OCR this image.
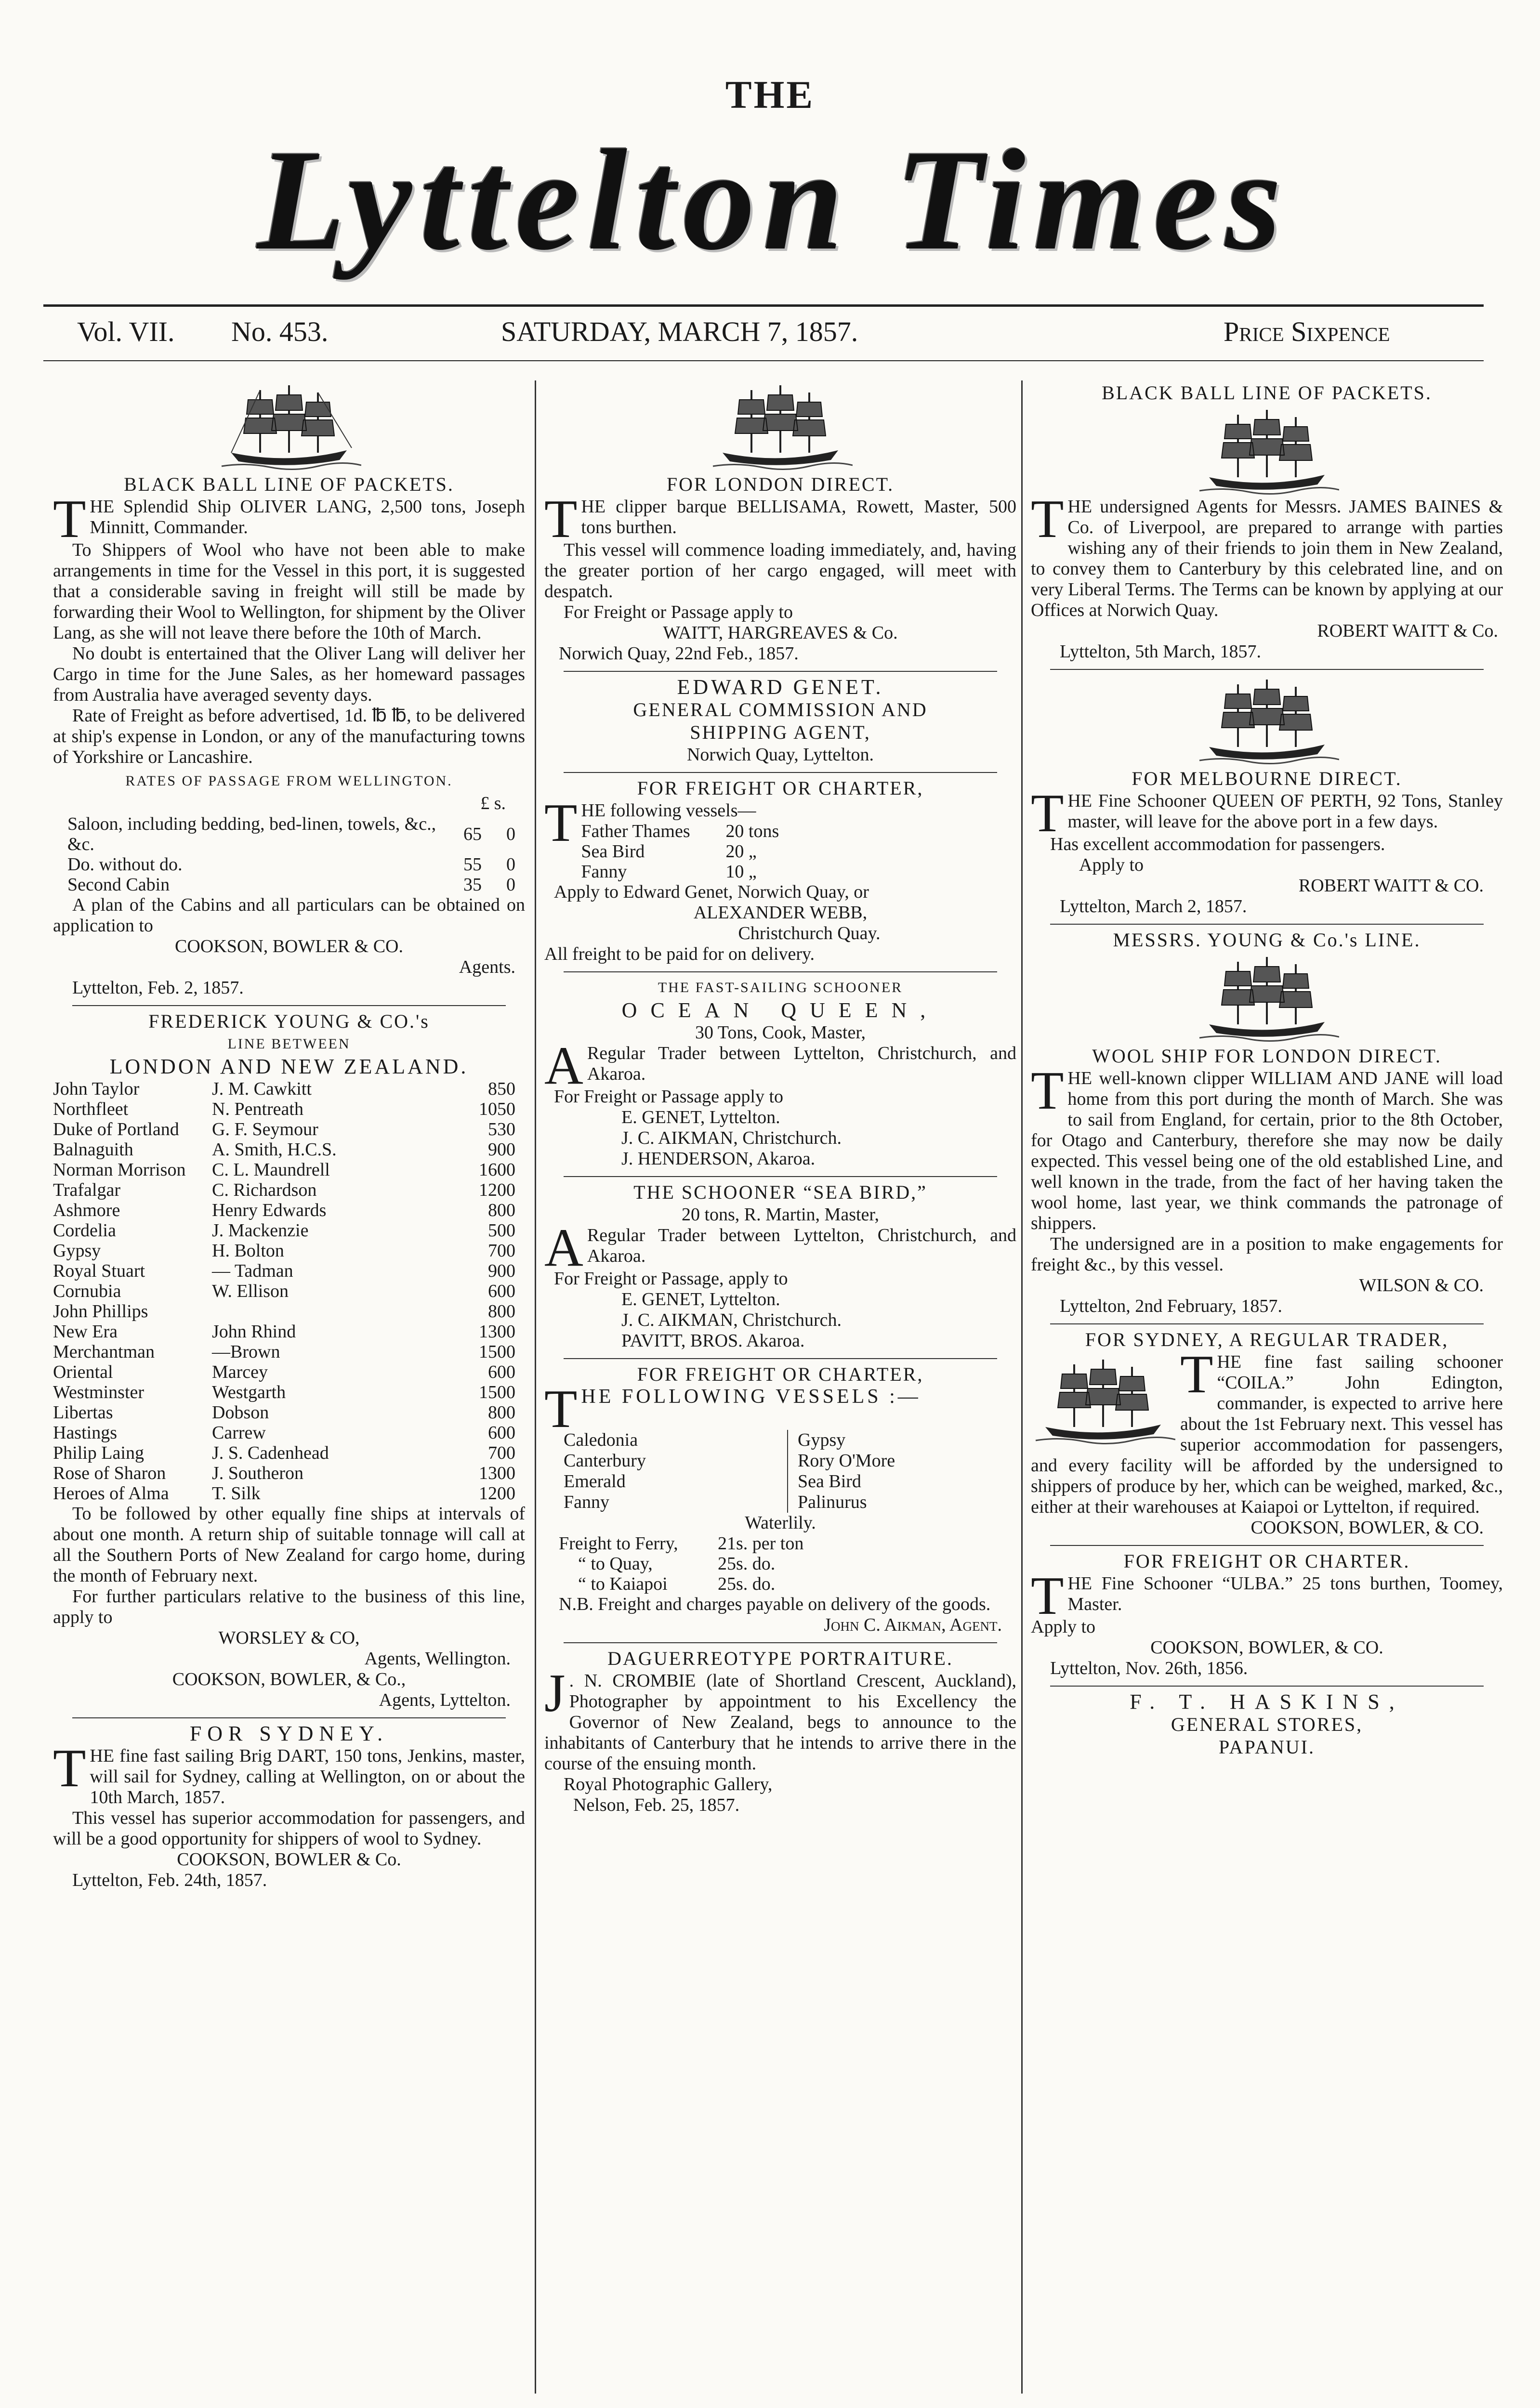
THE
Lyttelton Times
Vol. VII. No. 453.	SATURDAY, MARCH 7, 1857.	Price Sixpence
BLACK BALL LINE OF PACKETS.

THE Splendid Ship OLIVER LANG, 2,500 tons, Joseph Minnitt, Commander.

To Shippers of Wool who have not been able to make arrangements in time for the Vessel in this port, it is suggested that a considerable saving in freight will still be made by forwarding their Wool to Wellington, for shipment by the Oliver Lang, as she will not leave there before the 10th of March.

No doubt is entertained that the Oliver Lang will deliver her Cargo in time for the June Sales, as her homeward passages from Australia have averaged seventy days.

Rate of Freight as before advertised, 1d. ℔ ℔, to be delivered at ship's expense in London, or any of the manufacturing towns of Yorkshire or Lancashire.

RATES OF PASSAGE FROM WELLINGTON.
£ s.
Saloon, including bedding, bed-linen, towels, &c., &c.	65	0
Do. without do.	55	0
Second Cabin	35	0

A plan of the Cabins and all particulars can be obtained on application to

COOKSON, BOWLER & CO.
Agents.
Lyttelton, Feb. 2, 1857.
FREDERICK YOUNG & CO.'s
LINE BETWEEN
LONDON AND NEW ZEALAND.
John Taylor	J. M. Cawkitt	850
Northfleet	N. Pentreath	1050
Duke of Portland	G. F. Seymour	530
Balnaguith	A. Smith, H.C.S.	900
Norman Morrison	C. L. Maundrell	1600
Trafalgar	C. Richardson	1200
Ashmore	Henry Edwards	800
Cordelia	J. Mackenzie	500
Gypsy	H. Bolton	700
Royal Stuart	— Tadman	900
Cornubia	W. Ellison	600
John Phillips		800
New Era	John Rhind	1300
Merchantman	—Brown	1500
Oriental	Marcey	600
Westminster	Westgarth	1500
Libertas	Dobson	800
Hastings	Carrew	600
Philip Laing	J. S. Cadenhead	700
Rose of Sharon	J. Southeron	1300
Heroes of Alma	T. Silk	1200

To be followed by other equally fine ships at intervals of about one month. A return ship of suitable tonnage will call at all the Southern Ports of New Zealand for cargo home, during the month of February next.

For further particulars relative to the business of this line, apply to

WORSLEY & CO,
Agents, Wellington.
COOKSON, BOWLER, & Co.,
Agents, Lyttelton.
FOR SYDNEY.

THE fine fast sailing Brig DART, 150 tons, Jenkins, master, will sail for Sydney, calling at Wellington, on or about the 10th March, 1857.

This vessel has superior accommodation for passengers, and will be a good opportunity for shippers of wool to Sydney.

COOKSON, BOWLER & Co.
Lyttelton, Feb. 24th, 1857.
FOR LONDON DIRECT.

THE clipper barque BELLISAMA, Rowett, Master, 500 tons burthen.

This vessel will commence loading immediately, and, having the greater portion of her cargo engaged, will meet with despatch.

For Freight or Passage apply to

WAITT, HARGREAVES & Co.
Norwich Quay, 22nd Feb., 1857.
EDWARD GENET.
GENERAL COMMISSION AND
SHIPPING AGENT,
Norwich Quay, Lyttelton.
FOR FREIGHT OR CHARTER,

THE following vessels—

Father Thames	20 tons
Sea Bird	20 „
Fanny	10 „
Apply to Edward Genet, Norwich Quay, or
ALEXANDER WEBB,
Christchurch Quay.
All freight to be paid for on delivery.
THE FAST-SAILING SCHOONER
OCEAN QUEEN,
30 Tons, Cook, Master,

A Regular Trader between Lyttelton, Christchurch, and Akaroa.

For Freight or Passage apply to
E. GENET, Lyttelton.
J. C. AIKMAN, Christchurch.
J. HENDERSON, Akaroa.
THE SCHOONER “SEA BIRD,”
20 tons, R. Martin, Master,

A Regular Trader between Lyttelton, Christchurch, and Akaroa.

For Freight or Passage, apply to
E. GENET, Lyttelton.
J. C. AIKMAN, Christchurch.
PAVITT, BROS. Akaroa.
FOR FREIGHT OR CHARTER,

THE FOLLOWING VESSELS :—

Caledonia
Canterbury
Emerald
Fanny
Gypsy
Rory O'More
Sea Bird
Palinurus
Waterlily.
Freight to Ferry,	21s. per ton
“ to Quay,	25s. do.
“ to Kaiapoi	25s. do.

N.B. Freight and charges payable on delivery of the goods.

John C. Aikman, Agent.
DAGUERREOTYPE PORTRAITURE.

J . N. CROMBIE (late of Shortland Crescent, Auckland), Photographer by appointment to his Excellency the Governor of New Zealand, begs to announce to the inhabitants of Canterbury that he intends to arrive there in the course of the ensuing month.

Royal Photographic Gallery,
Nelson, Feb. 25, 1857.
BLACK BALL LINE OF PACKETS.

THE undersigned Agents for Messrs. JAMES BAINES & Co. of Liverpool, are prepared to arrange with parties wishing any of their friends to join them in New Zealand, to convey them to Canterbury by this celebrated line, and on very Liberal Terms. The Terms can be known by applying at our Offices at Norwich Quay.

ROBERT WAITT & Co.
Lyttelton, 5th March, 1857.
FOR MELBOURNE DIRECT.

THE Fine Schooner QUEEN OF PERTH, 92 Tons, Stanley master, will leave for the above port in a few days.

Has excellent accommodation for passengers.

Apply to
ROBERT WAITT & CO.
Lyttelton, March 2, 1857.
MESSRS. YOUNG & Co.'s LINE.
WOOL SHIP FOR LONDON DIRECT.

THE well-known clipper WILLIAM AND JANE will load home from this port during the month of March. She was to sail from England, for certain, prior to the 8th October, for Otago and Canterbury, therefore she may now be daily expected. This vessel being one of the old established Line, and well known in the trade, from the fact of her having taken the wool home, last year, we think commands the patronage of shippers.

The undersigned are in a position to make engagements for freight &c., by this vessel.

WILSON & CO.
Lyttelton, 2nd February, 1857.
FOR SYDNEY, A REGULAR TRADER,

THE fine fast sailing schooner “COILA.” John Edington, commander, is expected to arrive here about the 1st February next. This vessel has superior accommodation for passengers, and every facility will be afforded by the undersigned to shippers of produce by her, which can be weighed, marked, &c., either at their warehouses at Kaiapoi or Lyttelton, if required.

COOKSON, BOWLER, & CO.
FOR FREIGHT OR CHARTER.

THE Fine Schooner “ULBA.” 25 tons burthen, Toomey, Master.

Apply to
COOKSON, BOWLER, & CO.
Lyttelton, Nov. 26th, 1856.
F. T. HASKINS,
GENERAL STORES,
PAPANUI.
